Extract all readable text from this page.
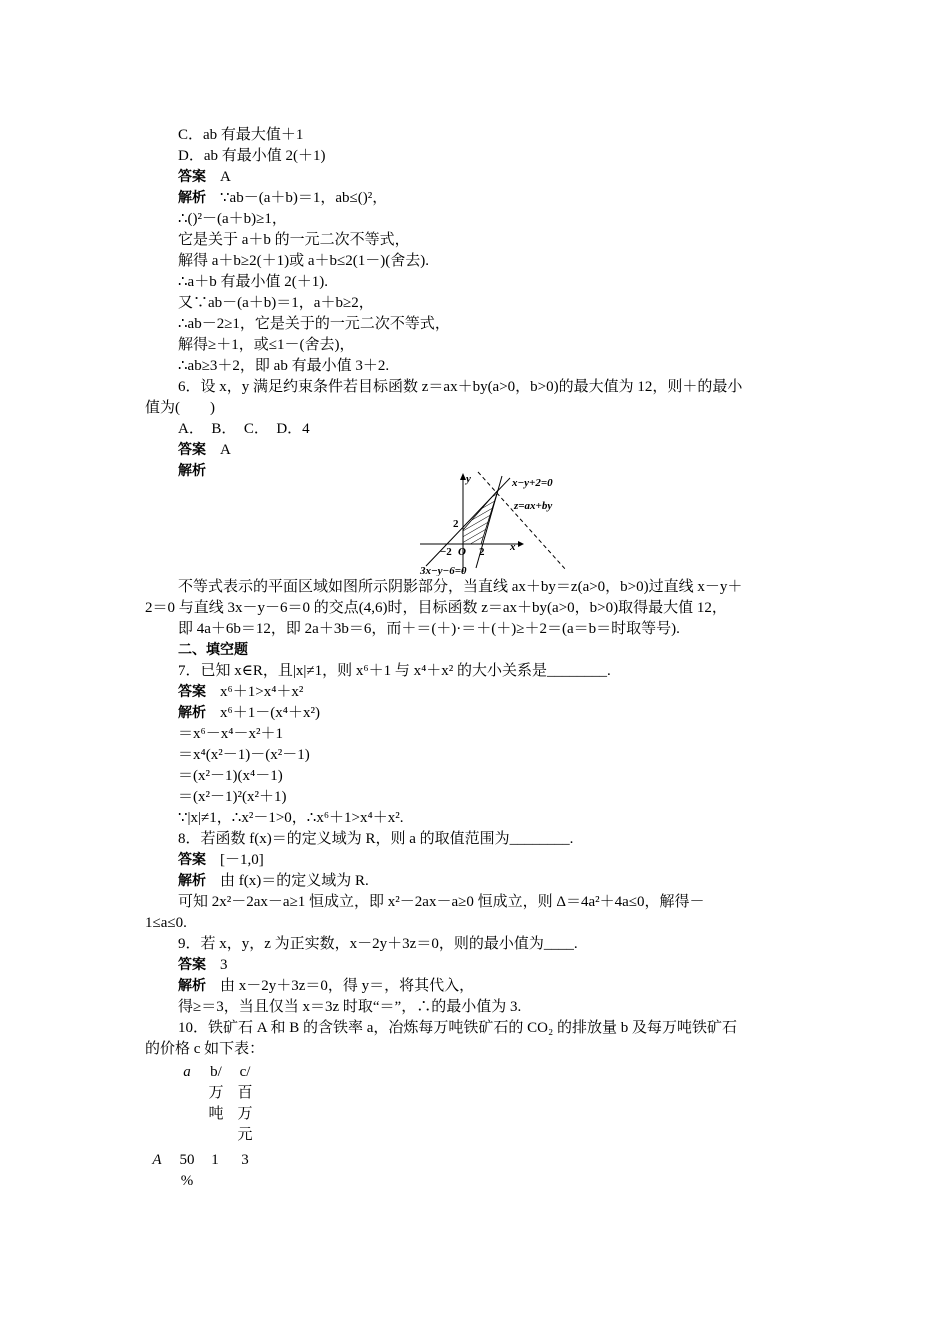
C．ab 有最大值＋1
D．ab 有最小值 2(＋1)
答案 A
解析 ∵ab－(a＋b)＝1，ab≤()²，
∴()²－(a＋b)≥1，
它是关于 a＋b 的一元二次不等式，
解得 a＋b≥2(＋1)或 a＋b≤2(1－)(舍去).
∴a＋b 有最小值 2(＋1).
又∵ab－(a＋b)＝1，a＋b≥2，
∴ab－2≥1，它是关于的一元二次不等式，
解得≥＋1，或≤1－(舍去)，
∴ab≥3＋2，即 ab 有最小值 3＋2.
6．设 x，y 满足约束条件若目标函数 z＝ax＋by(a>0，b>0)的最大值为 12，则＋的最小
值为(　　)
A．　B．　C．　D．4
答案 A
解析
x−y+2=0
z=ax+by
3x−y−6=0
y
x
2
−2 O 2
不等式表示的平面区域如图所示阴影部分，当直线 ax＋by＝z(a>0，b>0)过直线 x－y＋
2＝0 与直线 3x－y－6＝0 的交点(4,6)时，目标函数 z＝ax＋by(a>0，b>0)取得最大值 12，
即 4a＋6b＝12，即 2a＋3b＝6，而＋＝(＋)·＝＋(＋)≥＋2＝(a＝b＝时取等号).
二、填空题
7．已知 x∈R，且|x|≠1，则 x⁶＋1 与 x⁴＋x² 的大小关系是________.
答案 x⁶＋1>x⁴＋x²
解析 x⁶＋1－(x⁴＋x²)
＝x⁶－x⁴－x²＋1
＝x⁴(x²－1)－(x²－1)
＝(x²－1)(x⁴－1)
＝(x²－1)²(x²＋1)
∵|x|≠1，∴x²－1>0，∴x⁶＋1>x⁴＋x².
8．若函数 f(x)＝的定义域为 R，则 a 的取值范围为________.
答案 [－1,0]
解析 由 f(x)＝的定义域为 R.
可知 2x²－2ax－a≥1 恒成立，即 x²－2ax－a≥0 恒成立，则 Δ＝4a²＋4a≤0，解得－
1≤a≤0.
9．若 x，y，z 为正实数，x－2y＋3z＝0，则的最小值为____.
答案 3
解析 由 x－2y＋3z＝0，得 y＝，将其代入，
得≥＝3，当且仅当 x＝3z 时取“＝”，∴的最小值为 3.
10．铁矿石 A 和 B 的含铁率 a，冶炼每万吨铁矿石的 CO₂ 的排放量 b 及每万吨铁矿石
的价格 c 如下表：
a	b/
万
吨
c/
百
万
元
A 50
%
1 3
